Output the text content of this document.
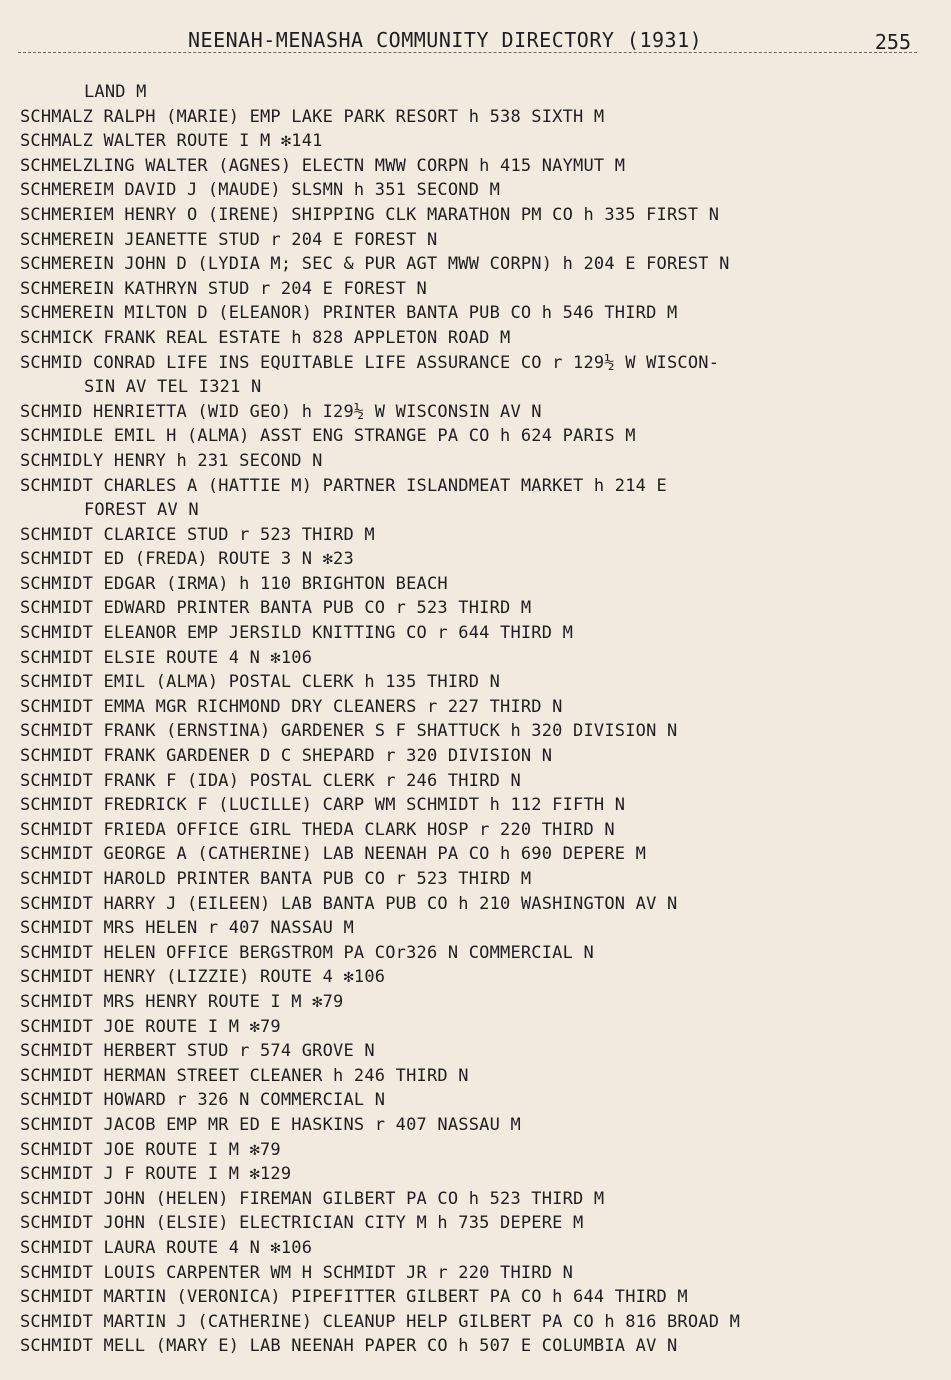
NEENAH-MENASHA COMMUNITY DIRECTORY (1931)	255
LAND M
SCHMALZ RALPH (MARIE) EMP LAKE PARK RESORT h 538 SIXTH M
SCHMALZ WALTER ROUTE I M ✻141
SCHMELZLING WALTER (AGNES) ELECTN MWW CORPN h 415 NAYMUT M
SCHMEREIM DAVID J (MAUDE) SLSMN h 351 SECOND M
SCHMERIEM HENRY O (IRENE) SHIPPING CLK MARATHON PM CO h 335 FIRST N
SCHMEREIN JEANETTE STUD r 204 E FOREST N
SCHMEREIN JOHN D (LYDIA M; SEC & PUR AGT MWW CORPN) h 204 E FOREST N
SCHMEREIN KATHRYN STUD r 204 E FOREST N
SCHMEREIN MILTON D (ELEANOR) PRINTER BANTA PUB CO h 546 THIRD M
SCHMICK FRANK REAL ESTATE h 828 APPLETON ROAD M
SCHMID CONRAD LIFE INS EQUITABLE LIFE ASSURANCE CO r 129½ W WISCON-
SIN AV TEL I321 N
SCHMID HENRIETTA (WID GEO) h I29½ W WISCONSIN AV N
SCHMIDLE EMIL H (ALMA) ASST ENG STRANGE PA CO h 624 PARIS M
SCHMIDLY HENRY h 231 SECOND N
SCHMIDT CHARLES A (HATTIE M) PARTNER ISLANDMEAT MARKET h 214 E
FOREST AV N
SCHMIDT CLARICE STUD r 523 THIRD M
SCHMIDT ED (FREDA) ROUTE 3 N ✻23
SCHMIDT EDGAR (IRMA) h 110 BRIGHTON BEACH
SCHMIDT EDWARD PRINTER BANTA PUB CO r 523 THIRD M
SCHMIDT ELEANOR EMP JERSILD KNITTING CO r 644 THIRD M
SCHMIDT ELSIE ROUTE 4 N ✻106
SCHMIDT EMIL (ALMA) POSTAL CLERK h 135 THIRD N
SCHMIDT EMMA MGR RICHMOND DRY CLEANERS r 227 THIRD N
SCHMIDT FRANK (ERNSTINA) GARDENER S F SHATTUCK h 320 DIVISION N
SCHMIDT FRANK GARDENER D C SHEPARD r 320 DIVISION N
SCHMIDT FRANK F (IDA) POSTAL CLERK r 246 THIRD N
SCHMIDT FREDRICK F (LUCILLE) CARP WM SCHMIDT h 112 FIFTH N
SCHMIDT FRIEDA OFFICE GIRL THEDA CLARK HOSP r 220 THIRD N
SCHMIDT GEORGE A (CATHERINE) LAB NEENAH PA CO h 690 DEPERE M
SCHMIDT HAROLD PRINTER BANTA PUB CO r 523 THIRD M
SCHMIDT HARRY J (EILEEN) LAB BANTA PUB CO h 210 WASHINGTON AV N
SCHMIDT MRS HELEN r 407 NASSAU M
SCHMIDT HELEN OFFICE BERGSTROM PA COr326 N COMMERCIAL N
SCHMIDT HENRY (LIZZIE) ROUTE 4 ✻106
SCHMIDT MRS HENRY ROUTE I M ✻79
SCHMIDT JOE ROUTE I M ✻79
SCHMIDT HERBERT STUD r 574 GROVE N
SCHMIDT HERMAN STREET CLEANER h 246 THIRD N
SCHMIDT HOWARD r 326 N COMMERCIAL N
SCHMIDT JACOB EMP MR ED E HASKINS r 407 NASSAU M
SCHMIDT JOE ROUTE I M ✻79
SCHMIDT J F ROUTE I M ✻129
SCHMIDT JOHN (HELEN) FIREMAN GILBERT PA CO h 523 THIRD M
SCHMIDT JOHN (ELSIE) ELECTRICIAN CITY M h 735 DEPERE M
SCHMIDT LAURA ROUTE 4 N ✻106
SCHMIDT LOUIS CARPENTER WM H SCHMIDT JR r 220 THIRD N
SCHMIDT MARTIN (VERONICA) PIPEFITTER GILBERT PA CO h 644 THIRD M
SCHMIDT MARTIN J (CATHERINE) CLEANUP HELP GILBERT PA CO h 816 BROAD M
SCHMIDT MELL (MARY E) LAB NEENAH PAPER CO h 507 E COLUMBIA AV N
